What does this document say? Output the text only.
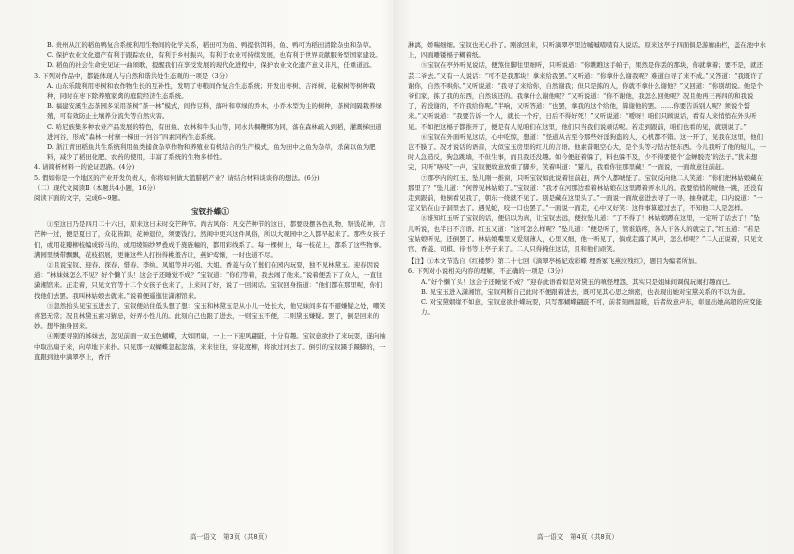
B. 贵州从江的稻鱼鸭复合系统利用生物间的化学关系，稻田可为鱼、鸭提供饵料，鱼、鸭可为稻田清除杂虫和杂草。

C. 保护农业文化遗产有利于跟踪农业，有利于乡村振兴，有利于农业可持续发展，也有利于世界贡献服务型国家建设。

D. 稻鱼的社会生命史见证一曲颂歌，提醒我们在享受发展的现代化进程中，保护农业文化遗产意义非凡，任重道远。

3. 下列对作品中，都能体现人与自然和谐共处生态观的一项是（3分）

A. 山东乐陵利用枣树和农作物生长的互补性，发明了枣粮间作复合生态系统；开发出枣树、吉祥树、花椒树等树种栽种，同时在枣下除养殖家禽的庭院经济生态系统。

B. 福建安溪生态茶园多采用茶树“茶一林”模式，间作豆科，落叶和草绿的乔木，小乔木型为主的树种，茶树间隔栽养绿殖，可有效防止土壤养分流失等自然灾害。

C. 哈尼族集多种农业产品发展的特色，有田鱼、农林和牛头山等，同水共稠鞭绑为同，落在森林疏入到稻，灌溉梯田道进河谷，形成“森林一村寨一梯田一河谷”四素同构生态系统。

D. 浙江青田稻鱼共生系统利用鱼类捕食杂草作物和养殖业有机结合的生产模式，鱼为田中之鱼为杂草，杀菌以鱼为肥料，减少了稻田化肥、农药的使用，丰富了系统的生物多样性。

4. 请简析材料一的论证思路。(4分)

5. 假如你是一个地区的产业开发负责人，你将如何做大篮腊稻产业？请结合材料谈谈你的想法。(6分)

（二）现代文阅读Ⅱ（本题共4小题，16分）

阅读下面的文字，完成6~9题。

宝钗扑蝶①

①至这日乃是四月二十六日，原来这日未时交芒种节。尚古风俗：凡交芒种节的这日，都要设摆各色礼物，祭饯花神，言芒种一过，便是夏日了，众花皆卸，花神退位，须要饯行。然闺中更兴这件风俗，所以大观园中之人都早起来了。那些女孩子们，或用花瓣柳枝编成轿马的，或用绫锦纱罗叠成千旄旌幢的，都用彩线系了。每一棵树上，每一枝花上，都系了这些物事。满园里绣带飘飘，花枝招展，更兼这些人打扮得桃羞杏让，燕妒莺惭，一时也道不尽。

②且说宝钗、迎春、探春、惜春、李纨、凤姐等并巧姐、大姐、香菱与众丫鬟们在园内玩耍，独不见林黛玉。迎春因说道：“林妹妹怎么不见？好个懒丫头！这会子还睡觉不成？”宝钗道：“你们等着，我去闹了他来。”说着便丢下了众人，一直往潇湘馆来。正走着，只见文官等十二个女孩子也来了，上来问了好，说了一回闲话。宝钗回身指道：“他们都在那里呢，你们找他们去罢。我叫林姑娘去就来。”说着便遥迤往潇湘馆来。

③忽然抬头见宝玉进去了，宝钗便站住低头想了想：宝玉和林黛玉是从小儿一处长大，他兄妹间多有不避嫌疑之处，嘲笑喜怒无常；况且林黛玉素习猜忌，好弄小性儿的。此刻自己也跟了进去，一则宝玉不便，二则黛玉嫌疑。罢了，倒是回来的妙。想毕抽身回来。

④刚要寻别的姊妹去，忽见前面一双玉色蝴蝶，大如团扇，一上一下迎风翩跹，十分有趣。宝钗意欲扑了来玩耍，遂向袖中取出扇子来，向草地下来扑。只见那一双蝴蝶忽起忽落，来来往往，穿花度柳，将欲过河去了。倒引的宝钗蹑手蹑脚的，一直跟到池中滴翠亭上，香汗

淋漓，娇喘细细。宝钗也无心扑了。刚欲回来，只听滴翠亭里边嘁嘁喳喳有人说话。原来这亭子四面俱是游廊曲栏，盖在池中水上，四面雕镂槅子糊着纸。

⑤宝钗在亭外听见说话，便煞住脚往里细听，只听说道：“你瞧瞧这手帕子，果然是你丢的那块，你就拿着；要不是，就还芸二爷去。”又有一人说话：“可不是我那块！拿来给我罢。”又听道：“你拿什么谢我呢？难道白寻了来不成。”又答道：“我既许了谢你，自然不哄你。”又听说道：“我寻了来给你，自然谢我；但只是拣的人，你就不拿什么谢他？”又回道：“你别胡说。他是个爷们家，拣了我的东西，自然该还的。我拿什么谢他呢？”又听说道：“你不谢他，我怎么回他呢？况且他再三再四的和我说了，若没谢的，不许我给你呢。”半响，又听答道：“也罢，拿我的这个给他，算谢他的罢。……你要告诉别人呢？须说个誓来。”又听说道：“我要告诉一个人，就长一个疔，日后不得好死！”又听说道：“嗳呀！咱们只顾说话，看有人来悄悄在外头听见。不如把这槅子都推开了，便是有人见咱们在这里，他们只当我们说顽话呢。若走到跟前，咱们也看的见，就别说了。”

⑥宝钗在外面听见这话，心中吃惊，想道：“怪道从古至今那些奸淫狗盗的人，心机都不错。这一开了，见我在这里，他们岂不臊了。况才说话的语音，大似宝玉房里的红儿的言语。他素昔眼空心大，是个头等刁钻古怪东西。今儿我听了他的短儿，一时人急造反，狗急跳墙，不但生事，而且我还没趣。如今便赶着躲了，料也躲不及，少不得要使个‘金蝉脱壳’的法子。”犹未想完，只听“咯吱”一声，宝钗便故意放重了脚步，笑着叫道：“颦儿，我看你往那里藏！”一面说，一面故意往前赶。

⑦那亭内的红玉、坠儿刚一推窗，只听宝钗如此说着往前赶，两个人都唬怔了。宝钗反向他二人笑道：“你们把林姑娘藏在那里了？”坠儿道：“何曾见林姑娘了。”宝钗道：“我才在河那边看着林姑娘在这里蹲着弄水儿的。我要悄悄的唬他一跳，还没有走到跟前，他倒看见我了，朝东一绕就不见了。别是藏在这里头了。”一面说一面故意进去寻了一寻，抽身就走，口内说道：“一定又钻在山子洞里去了。遇见蛇，咬一口也罢了。”一面说一面走，心中又好笑：这件事算遮过去了，不知他二人是怎样。

⑧谁知红玉听了宝钗的话，便信以为真，让宝钗去远，便拉坠儿道：“了不得了！林姑娘蹲在这里，一定听了话去了！”坠儿听说，也半日不言语。红玉又道：“这可怎么样呢？”坠儿道：“便是听了，管谁筋疼，各人干各人的就完了。”红玉道：“若是宝姑娘听见，还倒罢了。林姑娘嘴里又爱刻薄人，心里又细，他一听见了，倘或走露了风声，怎么样呢？”二人正说着，只见文官、香菱、司棋、待书等上亭子来了。二人只得掩住这话，且和他们顽笑。

【注】①本文节选自《红楼梦》第二十七回《滴翠亭杨妃戏彩蝶 埋香冢飞燕泣残红》，题目为编者所加。

6. 下列对小说相关内容的理解，不正确的一项是（3分）

A.“好个懒丫头！这会子还睡觉不成？”迎春此语看似是对黛玉的嗔怪埋怨，其实只是姐妹间调侃玩闹打趣而已。

B. 见宝玉进入潇湘馆，宝钗判断自己此时不便跟着进去，既可见其心思之缜密，也表现出她对宝黛关系的不以为意。

C. 对宝黛姻缘不如意，宝钗意欲扑蝶玩耍，只写那蝴蝶翩跹不可，前者刻画温暖，后者故意声东，彰显出她高超的应变能力。

高一语文　第3页（共8页）	高一语文　第4页（共8页）
